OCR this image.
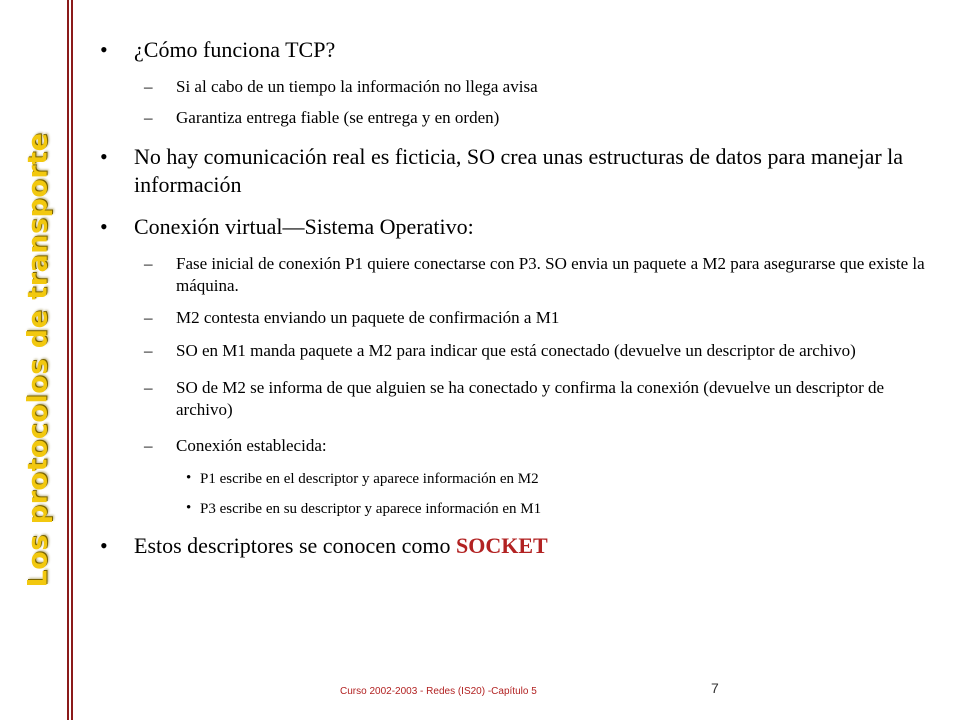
Los protocolos de transporte
• ¿Cómo funciona TCP?
– Si al cabo de un tiempo la información no llega avisa
– Garantiza entrega fiable (se entrega y en orden)
• No hay comunicación real es ficticia, SO crea unas estructuras de datos para manejar la información
• Conexión virtual—Sistema Operativo:
– Fase inicial de conexión P1 quiere conectarse con P3. SO envia un paquete a M2 para asegurarse que existe la máquina.
– M2 contesta enviando un paquete de confirmación a M1
– SO en M1 manda paquete a M2 para indicar que está conectado (devuelve un descriptor de archivo)
– SO de M2 se informa de que alguien se ha conectado y confirma la conexión (devuelve un descriptor de archivo)
– Conexión establecida:
• P1 escribe en el descriptor y aparece información en M2
• P3 escribe en su descriptor y aparece información en M1
• Estos descriptores se conocen como SOCKET
Curso 2002-2003 - Redes (IS20) -Capítulo 5	7
